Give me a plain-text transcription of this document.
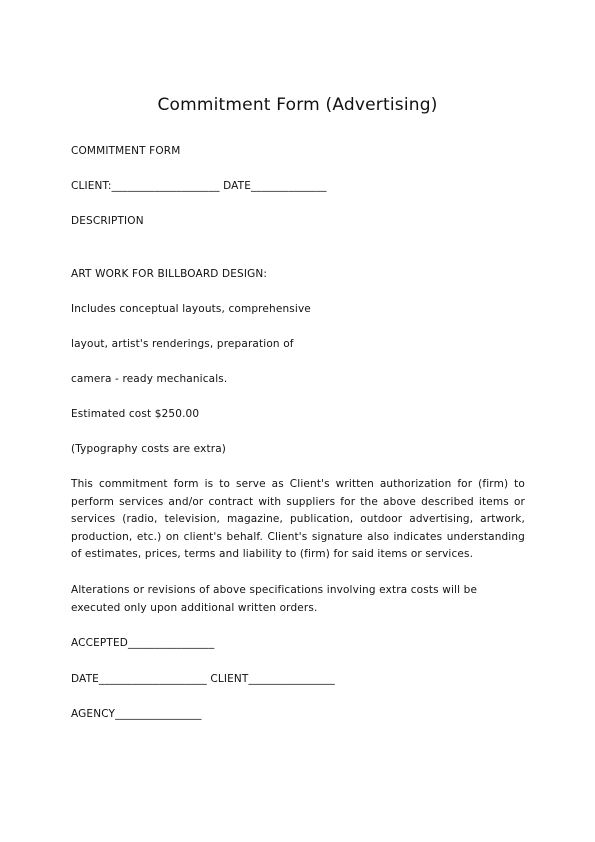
Commitment Form (Advertising)
COMMITMENT FORM
CLIENT:____________________ DATE______________
DESCRIPTION
ART WORK FOR BILLBOARD DESIGN:
Includes conceptual layouts, comprehensive
layout, artist's renderings, preparation of
camera - ready mechanicals.
Estimated cost $250.00
(Typography costs are extra)
This commitment form is to serve as Client's written authorization for (firm) to perform services and/or contract with suppliers for the above described items or services (radio, television, magazine, publication, outdoor advertising, artwork, production, etc.) on client's behalf. Client's signature also indicates understanding of estimates, prices, terms and liability to (firm) for said items or services.
Alterations or revisions of above specifications involving extra costs will be executed only upon additional written orders.
ACCEPTED________________
DATE____________________ CLIENT________________
AGENCY________________
